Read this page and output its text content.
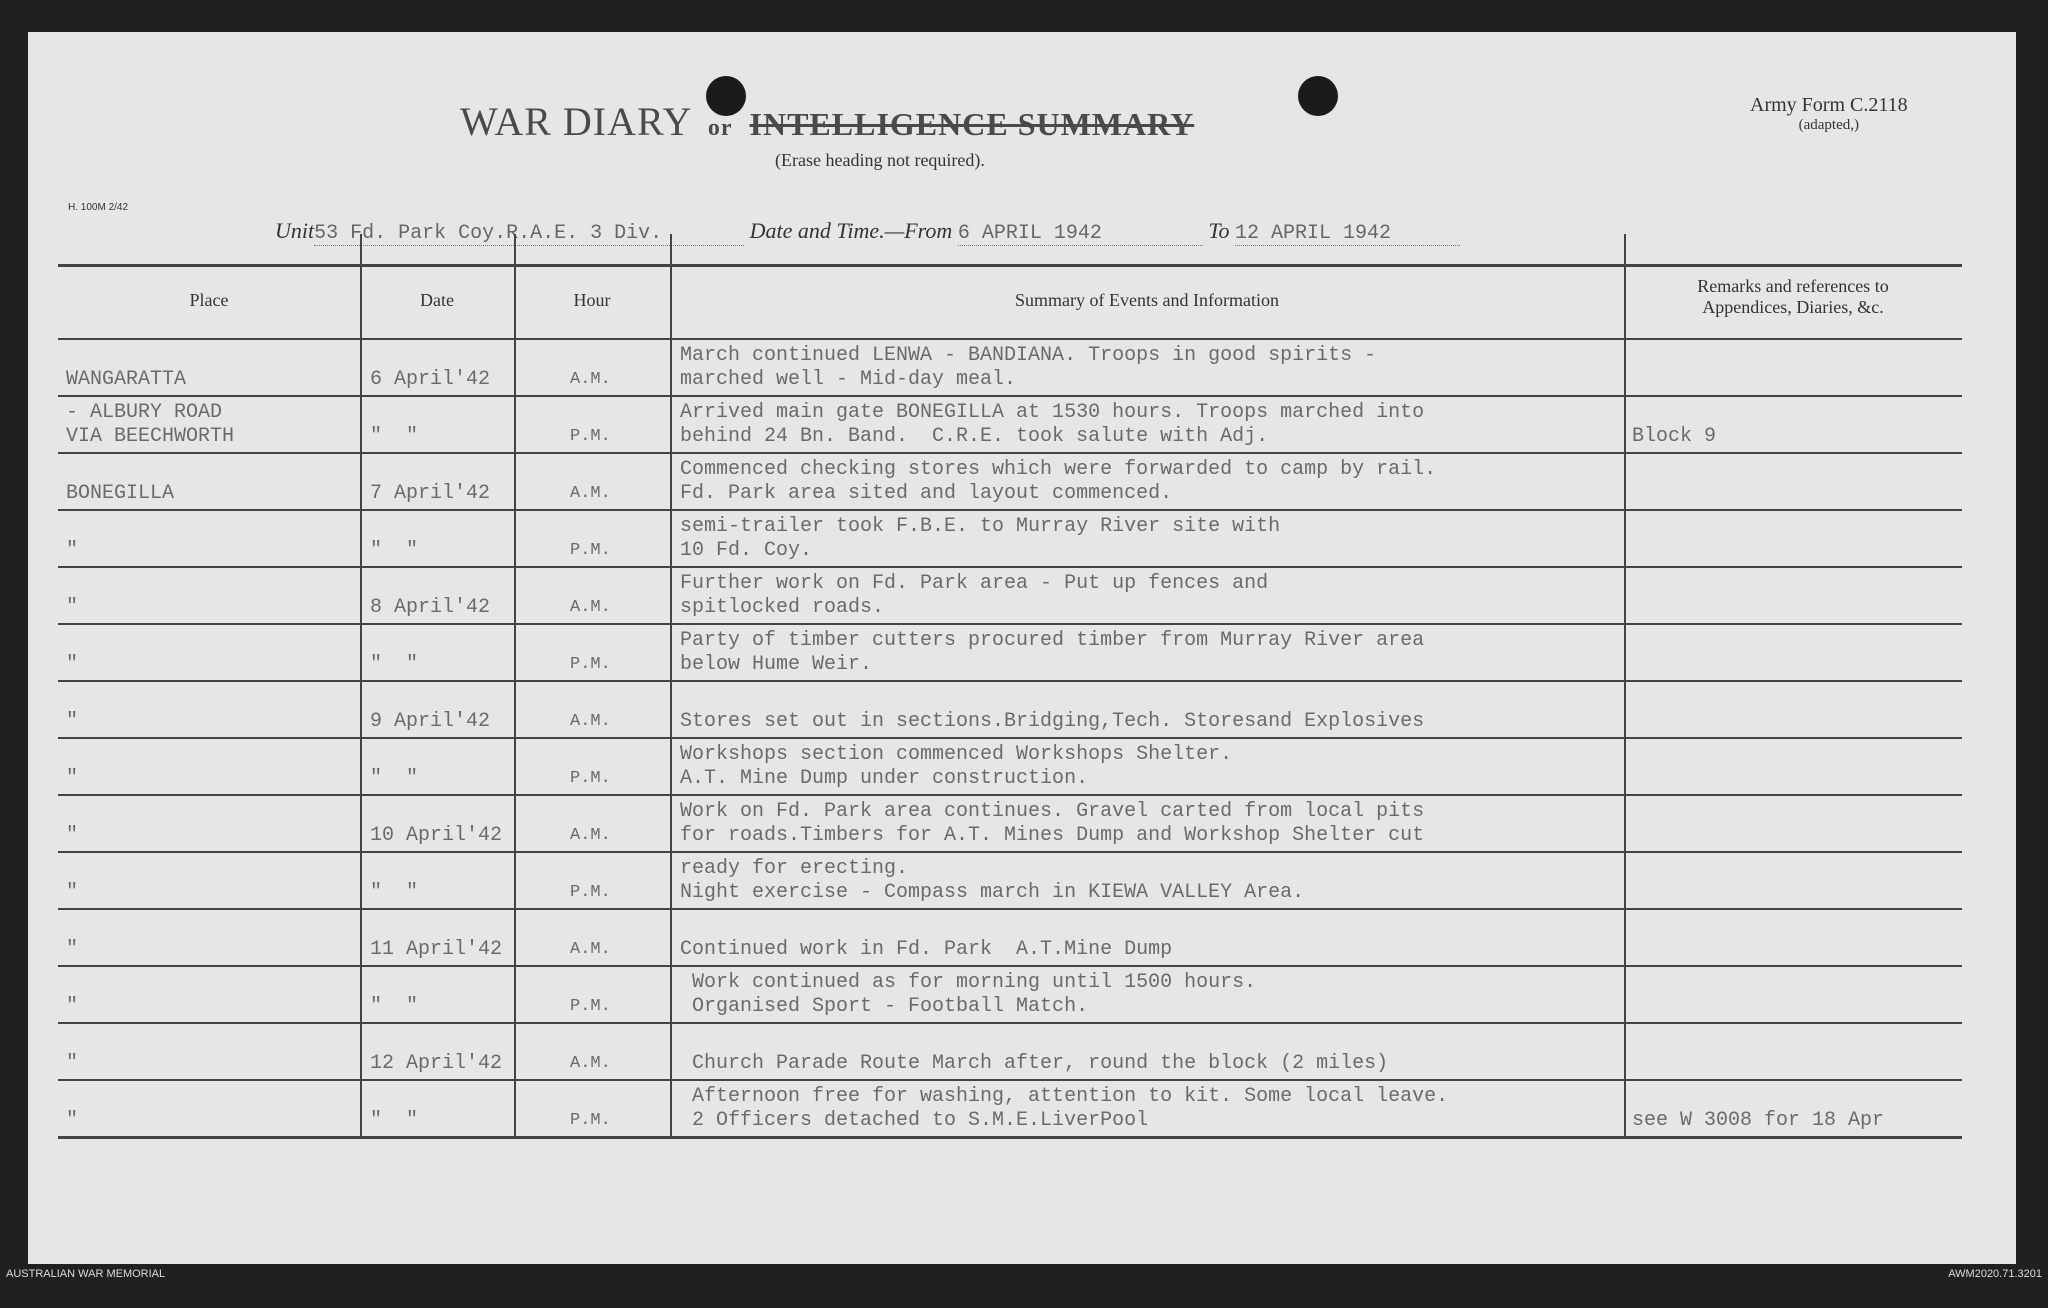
WAR DIARY or INTELLIGENCE SUMMARY
(Erase heading not required).
Army Form C.2118
(adapted,)
H. 100M 2/42
Unit53 Fd. Park Coy.R.A.E. 3 Div.	Date and Time.—From 6 APRIL 1942	To 12 APRIL 1942
Place	Date	Hour	Summary of Events and Information
Remarks and references to
Appendices, Diaries, &c.
WANGARATTA	6 April'42	A.M.
March continued LENWA - BANDIANA. Troops in good spirits -
marched well - Mid-day meal.
- ALBURY ROAD
VIA BEECHWORTH	"  "	P.M.
Arrived main gate BONEGILLA at 1530 hours. Troops marched into
behind 24 Bn. Band.  C.R.E. took salute with Adj.	Block 9
BONEGILLA	7 April'42	A.M.
Commenced checking stores which were forwarded to camp by rail.
Fd. Park area sited and layout commenced.
"	"  "	P.M.
semi-trailer took F.B.E. to Murray River site with
10 Fd. Coy.
"	8 April'42	A.M.
Further work on Fd. Park area - Put up fences and
spitlocked roads.
"	"  "	P.M.
Party of timber cutters procured timber from Murray River area
below Hume Weir.
"	9 April'42	A.M.	
Stores set out in sections.Bridging,Tech. Storesand Explosives
"	"  "	P.M.
Workshops section commenced Workshops Shelter.
A.T. Mine Dump under construction.
"	10 April'42	A.M.
Work on Fd. Park area continues. Gravel carted from local pits
for roads.Timbers for A.T. Mines Dump and Workshop Shelter cut
"	"  "	P.M.
ready for erecting.
Night exercise - Compass march in KIEWA VALLEY Area.
"	11 April'42	A.M.	
Continued work in Fd. Park  A.T.Mine Dump
"	"  "	P.M.
Work continued as for morning until 1500 hours.
Organised Sport - Football Match.
"	12 April'42	A.M.	
Church Parade Route March after, round the block (2 miles)
"	"  "	P.M.
Afternoon free for washing, attention to kit. Some local leave.
2 Officers detached to S.M.E.LiverPool	see W 3008 for 18 Apr
AUSTRALIAN WAR MEMORIAL	AWM2020.71.3201
